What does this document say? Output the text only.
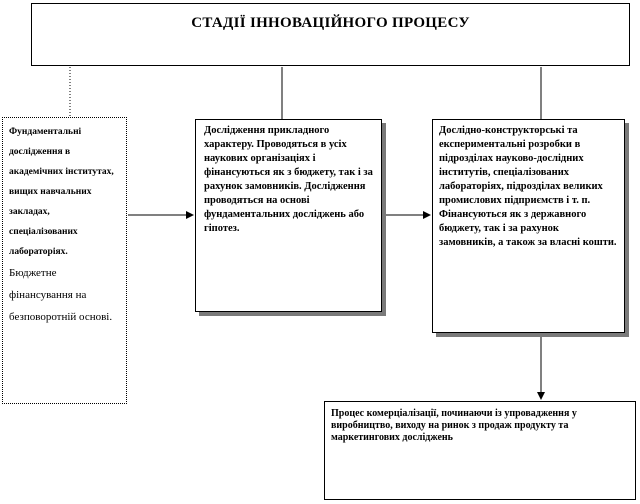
СТАДІЇ ІННОВАЦІЙНОГО ПРОЦЕСУ
Фундаментальні дослідження в академічних інститутах, вищих навчальних закладах, спеціалізованих лабораторіях.
Бюджетне фінансування на безповоротній основі.
Дослідження прикладного характеру. Проводяться в усіх наукових організаціях і фінансуються як з бюджету, так і за рахунок замовників. Дослідження проводяться на основі фундаментальних досліджень або гіпотез.
Дослідно-конструкторські та експериментальні розробки в підрозділах науково-дослідних інститутів, спеціалізованих лабораторіях, підрозділах великих промислових підприємств і т. п. Фінансуються як з державного бюджету, так і за рахунок замовників, а також за власні кошти.
Процес комерціалізації, починаючи із упровадження у виробництво, виходу на ринок з продаж продукту та маркетингових досліджень
